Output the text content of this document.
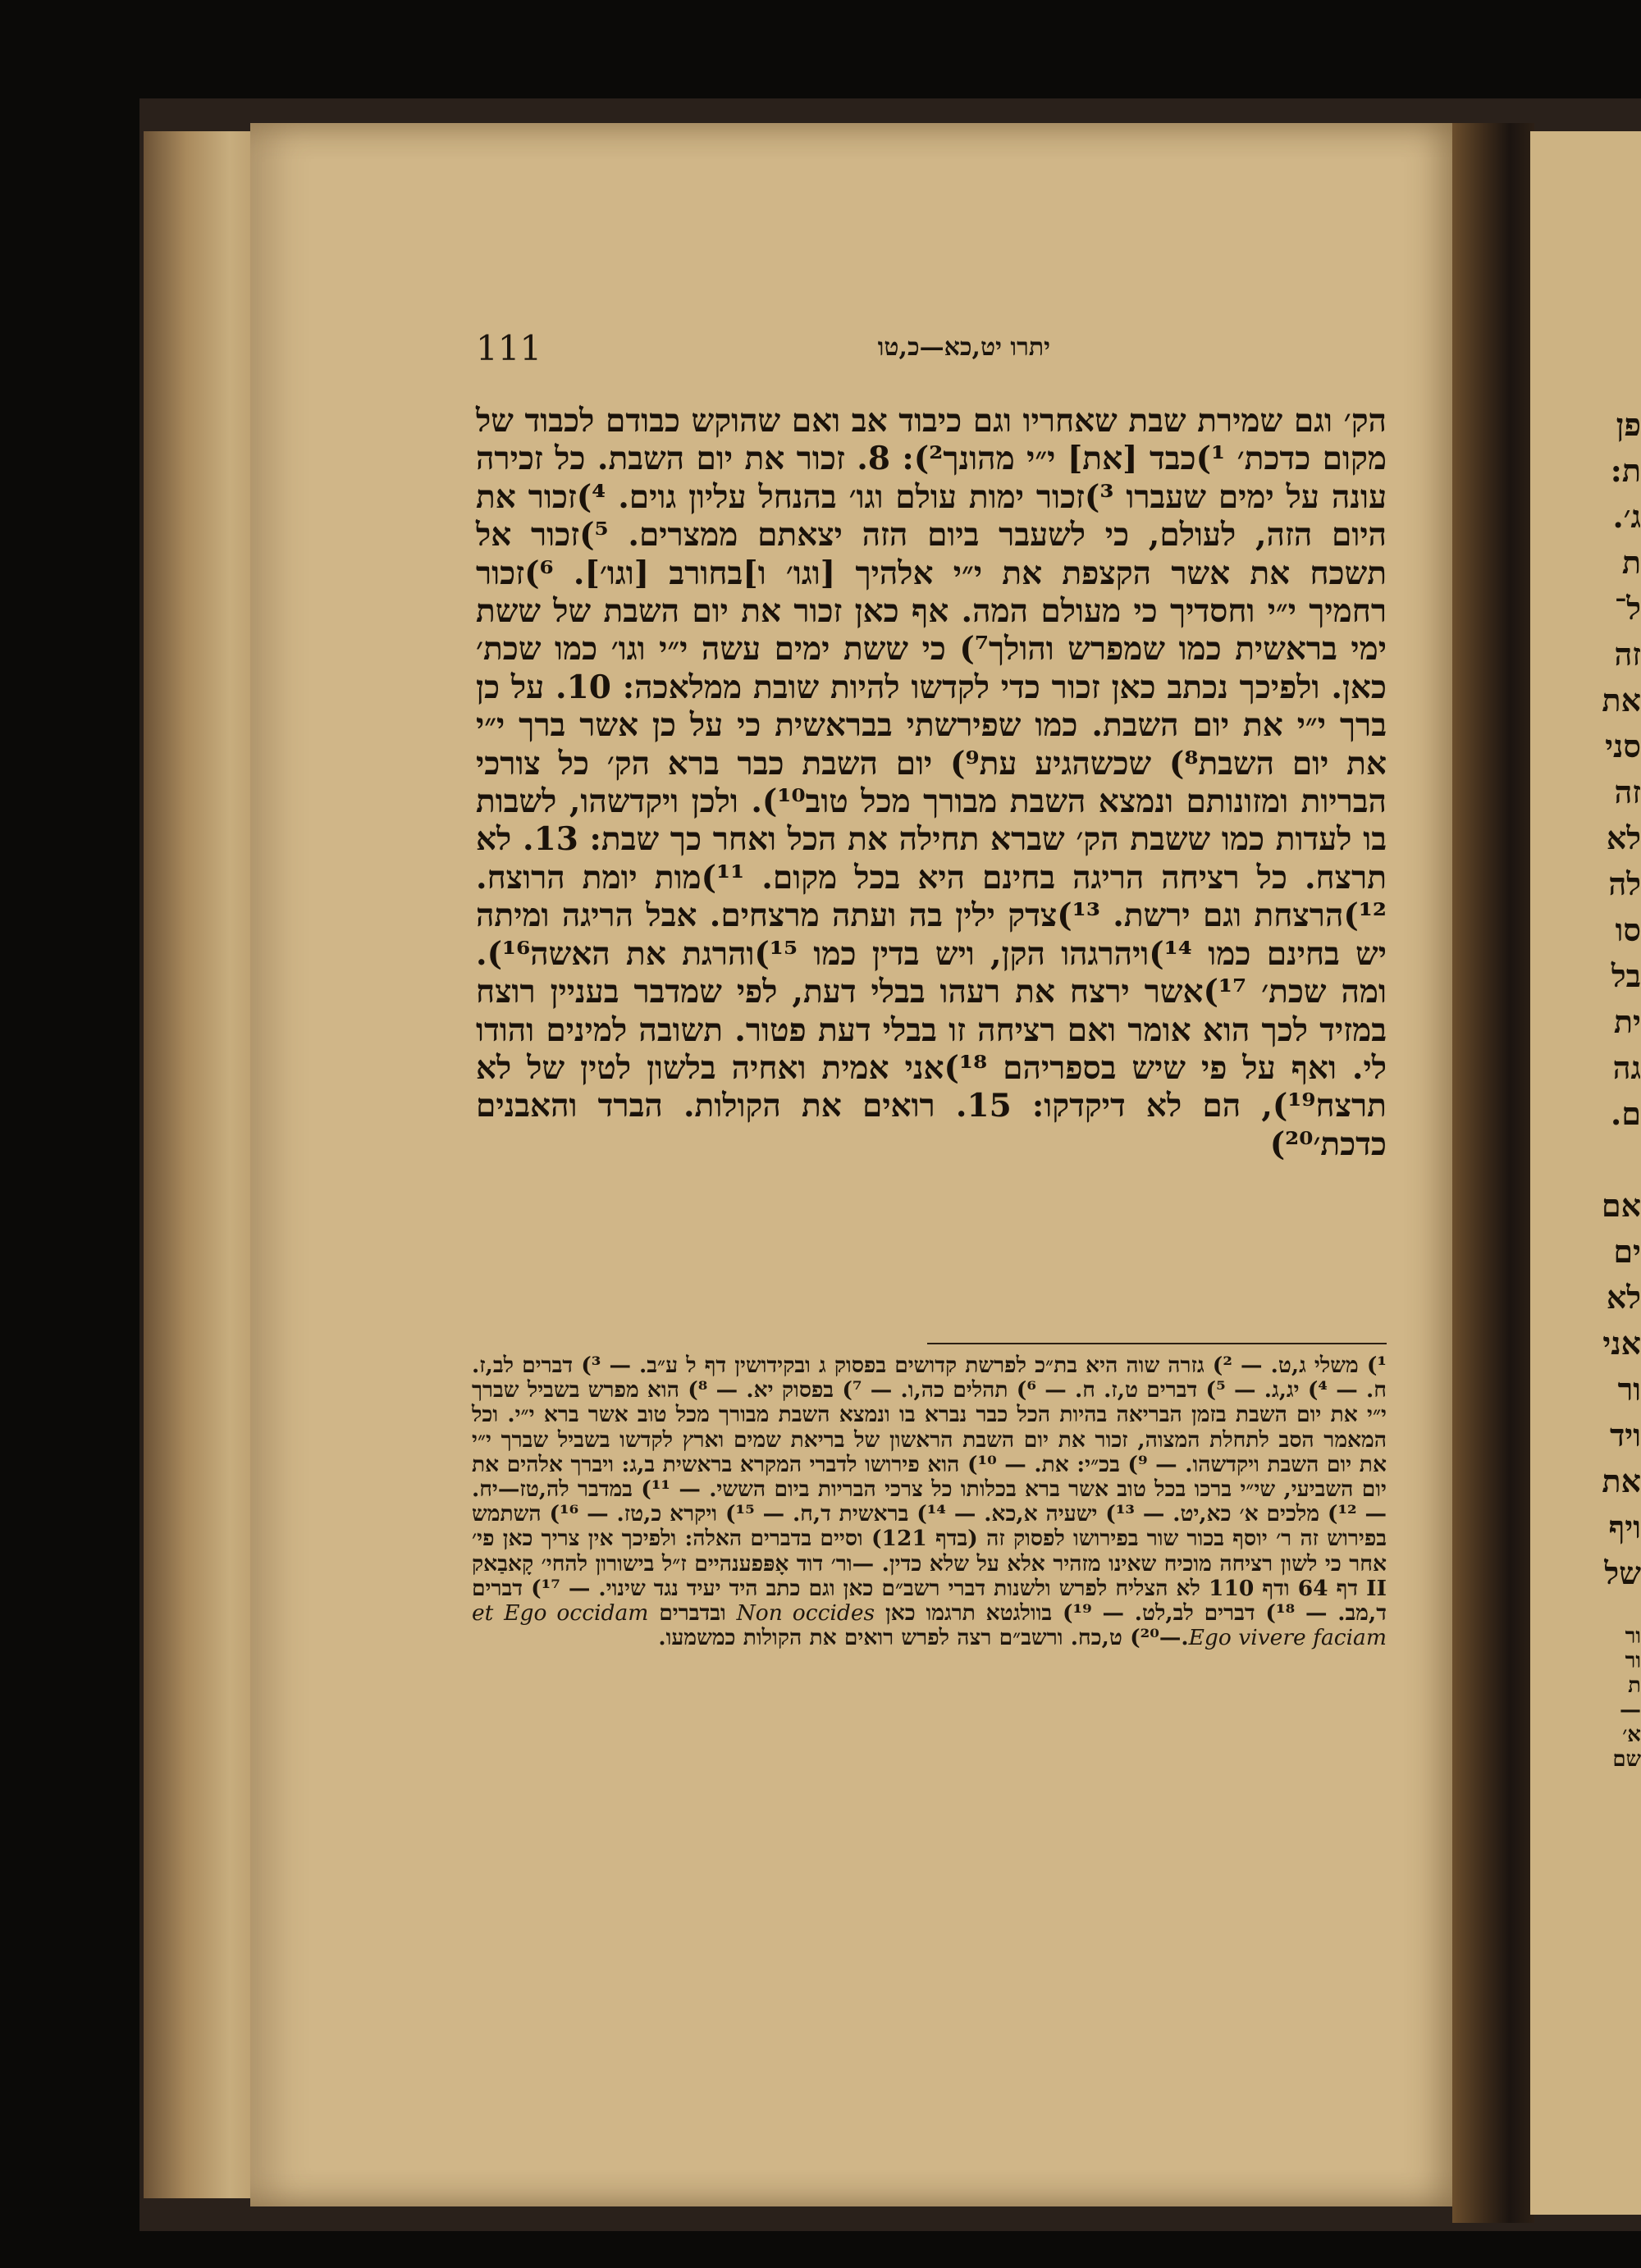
111	יתרו יט,כא—כ,טו

הק׳ וגם שמירת שבת שאחריו וגם כיבוד אב ואם שהוקש כבודם לכבוד של מקום כדכת׳ ¹)כבד [את] י״י מהונך²): 8. זכור את יום השבת. כל זכירה עונה על ימים שעברו ³)זכור ימות עולם וגו׳ בהנחל עליון גוים. ⁴)זכור את היום הזה, לעולם, כי לשעבר ביום הזה יצאתם ממצרים. ⁵)זכור אל תשכח את אשר הקצפת את י״י אלהיך [וגו׳ ו]בחורב [וגו׳]. ⁶)זכור רחמיך י״י וחסדיך כי מעולם המה. אף כאן זכור את יום השבת של ששת ימי בראשית כמו שמפרש והולך⁷) כי ששת ימים עשה י״י וגו׳ כמו שכת׳ כאן. ולפיכך נכתב כאן זכור כדי לקדשו להיות שובת ממלאכה: 10. על כן ברך י״י את יום השבת. כמו שפירשתי בבראשית כי על כן אשר ברך י״י את יום השבת⁸) שכשהגיע עת⁹) יום השבת כבר ברא הק׳ כל צורכי הבריות ומזונותם ונמצא השבת מבורך מכל טוב¹⁰). ולכן ויקדשהו, לשבות בו לעדות כמו ששבת הק׳ שברא תחילה את הכל ואחר כך שבת: 13. לא תרצח. כל רציחה הריגה בחינם היא בכל מקום. ¹¹)מות יומת הרוצח. ¹²)הרצחת וגם ירשת. ¹³)צדק ילין בה ועתה מרצחים. אבל הריגה ומיתה יש בחינם כמו ¹⁴)ויהרגהו הקן, ויש בדין כמו ¹⁵)והרגת את האשה¹⁶). ומה שכת׳ ¹⁷)אשר ירצח את רעהו בבלי דעת, לפי שמדבר בעניין רוצח במזיד לכך הוא אומר ואם רציחה זו בבלי דעת פטור. תשובה למינים והודו לי. ואף על פי שיש בספריהם ¹⁸)אני אמית ואחיה בלשון לטין של לא תרצח¹⁹), הם לא דיקדקו: 15. רואים את הקולות. הברד והאבנים כדכת׳²⁰)

¹) משלי ג,ט. — ²) גזרה שוה היא בת״כ לפרשת קדושים בפסוק ג ובקידושין דף ל ע״ב. — ³) דברים לב,ז. ח. — ⁴) יג,ג. — ⁵) דברים ט,ז. ח. — ⁶) תהלים כה,ו. — ⁷) בפסוק יא. — ⁸) הוא מפרש בשביל שברך י״י את יום השבת בזמן הבריאה בהיות הכל כבר נברא בו ונמצא השבת מבורך מכל טוב אשר ברא י״י. וכל המאמר הסב לתחלת המצוה, זכור את יום השבת הראשון של בריאת שמים וארץ לקדשו בשביל שברך י״י את יום השבת ויקדשהו. — ⁹) בכ״י: את. — ¹⁰) הוא פירושו לדברי המקרא בראשית ב,ג: ויברך אלהים את יום השביעי, שי״י ברכו בכל טוב אשר ברא בכלותו כל צרכי הבריות ביום הששי. — ¹¹) במדבר לה,טז—יח. — ¹²) מלכים א׳ כא,יט. — ¹³) ישעיה א,כא. — ¹⁴) בראשית ד,ח. — ¹⁵) ויקרא כ,טז. — ¹⁶) השתמש בפירוש זה ר׳ יוסף בכור שור בפירושו לפסוק זה (בדף 121) וסיים בדברים האלה: ולפיכך אין צריך כאן פי׳ אחר כי לשון רציחה מוכיח שאינו מזהיר אלא על שלא כדין. —ור׳ דוד אָפּפענהיים ז״ל בישורון להחי׳ קָאבַאק II דף 64 ודף 110 לא הצליח לפרש ולשנות דברי רשב״ם כאן וגם כתב היד יעיד נגד שינוי. — ¹⁷) דברים ד,מב. — ¹⁸) דברים לב,לט. — ¹⁹) בוולגטא תרגמו כאן Non occides ובדברים Ego occidam et Ego vivere faciam.—²⁰) ט,כח. ורשב״ם רצה לפרש רואים את הקולות כמשמעו.

פן
ת:
ג׳.
ת
ל־
זה
את
סני
זה
לא
לה
סו
בל
ית
גה
ם.
אם
ים
לא
אני
ור
ויד
את
ויף
של
ור
ור
ת
—
א׳
שם
